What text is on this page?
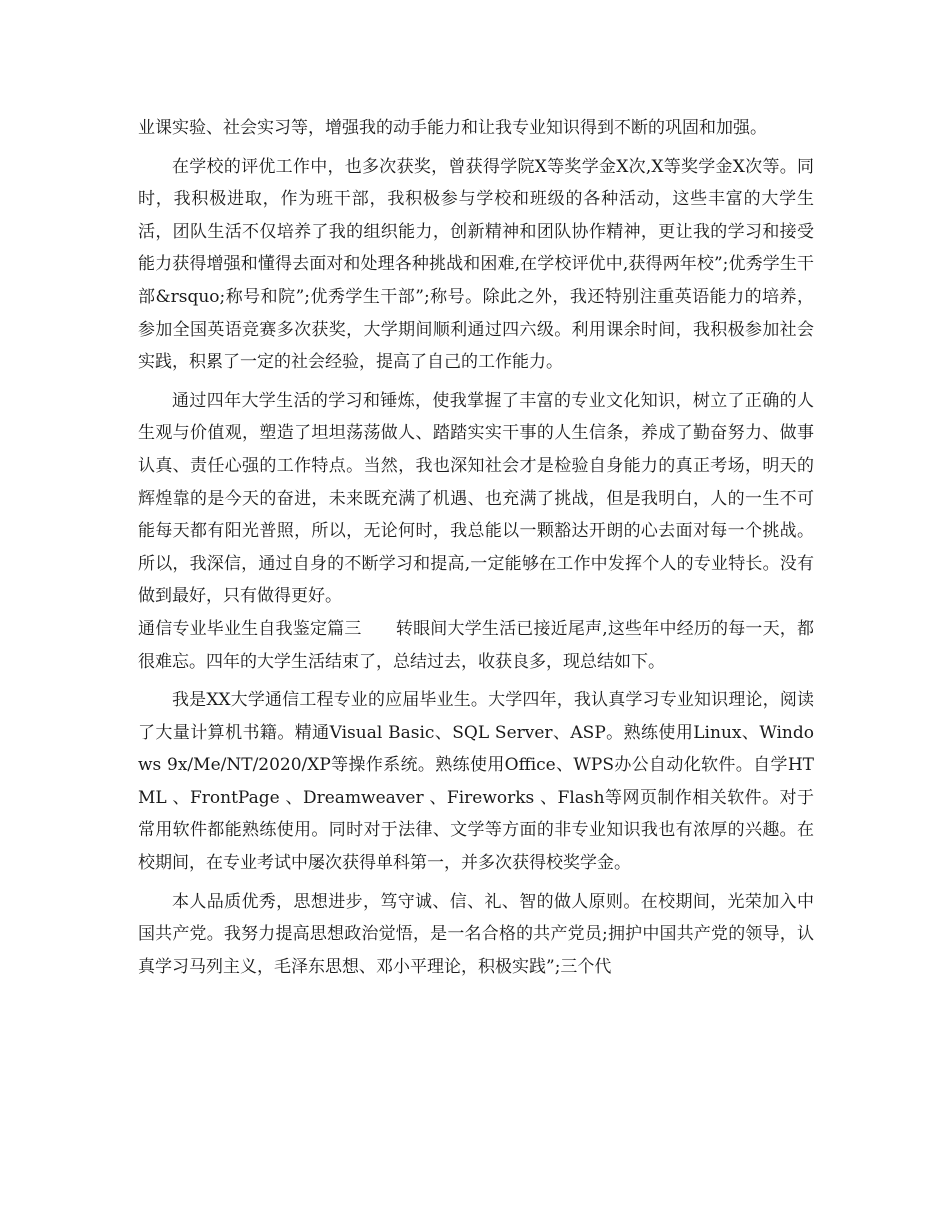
业课实验、社会实习等，增强我的动手能力和让我专业知识得到不断的巩固和加强。

在学校的评优工作中，也多次获奖，曾获得学院X等奖学金X次,X等奖学金X次等。同时，我积极进取，作为班干部，我积极参与学校和班级的各种活动，这些丰富的大学生活，团队生活不仅培养了我的组织能力，创新精神和团队协作精神，更让我的学习和接受能力获得增强和懂得去面对和处理各种挑战和困难,在学校评优中,获得两年校”;优秀学生干部&rsquo;称号和院”;优秀学生干部”;称号。除此之外，我还特别注重英语能力的培养，参加全国英语竞赛多次获奖，大学期间顺利通过四六级。利用课余时间，我积极参加社会实践，积累了一定的社会经验，提高了自己的工作能力。

通过四年大学生活的学习和锤炼，使我掌握了丰富的专业文化知识，树立了正确的人生观与价值观，塑造了坦坦荡荡做人、踏踏实实干事的人生信条，养成了勤奋努力、做事认真、责任心强的工作特点。当然，我也深知社会才是检验自身能力的真正考场，明天的辉煌靠的是今天的奋进，未来既充满了机遇、也充满了挑战，但是我明白，人的一生不可能每天都有阳光普照，所以，无论何时，我总能以一颗豁达开朗的心去面对每一个挑战。所以，我深信，通过自身的不断学习和提高,一定能够在工作中发挥个人的专业特长。没有做到最好，只有做得更好。

通信专业毕业生自我鉴定篇三　　转眼间大学生活已接近尾声,这些年中经历的每一天，都很难忘。四年的大学生活结束了，总结过去，收获良多，现总结如下。

我是XX大学通信工程专业的应届毕业生。大学四年，我认真学习专业知识理论，阅读了大量计算机书籍。精通Visual Basic、SQL Server、ASP。熟练使用Linux、Windows 9x/Me/NT/2020/XP等操作系统。熟练使用Office、WPS办公自动化软件。自学HTML 、FrontPage 、Dreamweaver 、Fireworks 、Flash等网页制作相关软件。对于常用软件都能熟练使用。同时对于法律、文学等方面的非专业知识我也有浓厚的兴趣。在校期间，在专业考试中屡次获得单科第一，并多次获得校奖学金。

本人品质优秀，思想进步，笃守诚、信、礼、智的做人原则。在校期间，光荣加入中国共产党。我努力提高思想政治觉悟，是一名合格的共产党员;拥护中国共产党的领导，认真学习马列主义，毛泽东思想、邓小平理论，积极实践”;三个代
